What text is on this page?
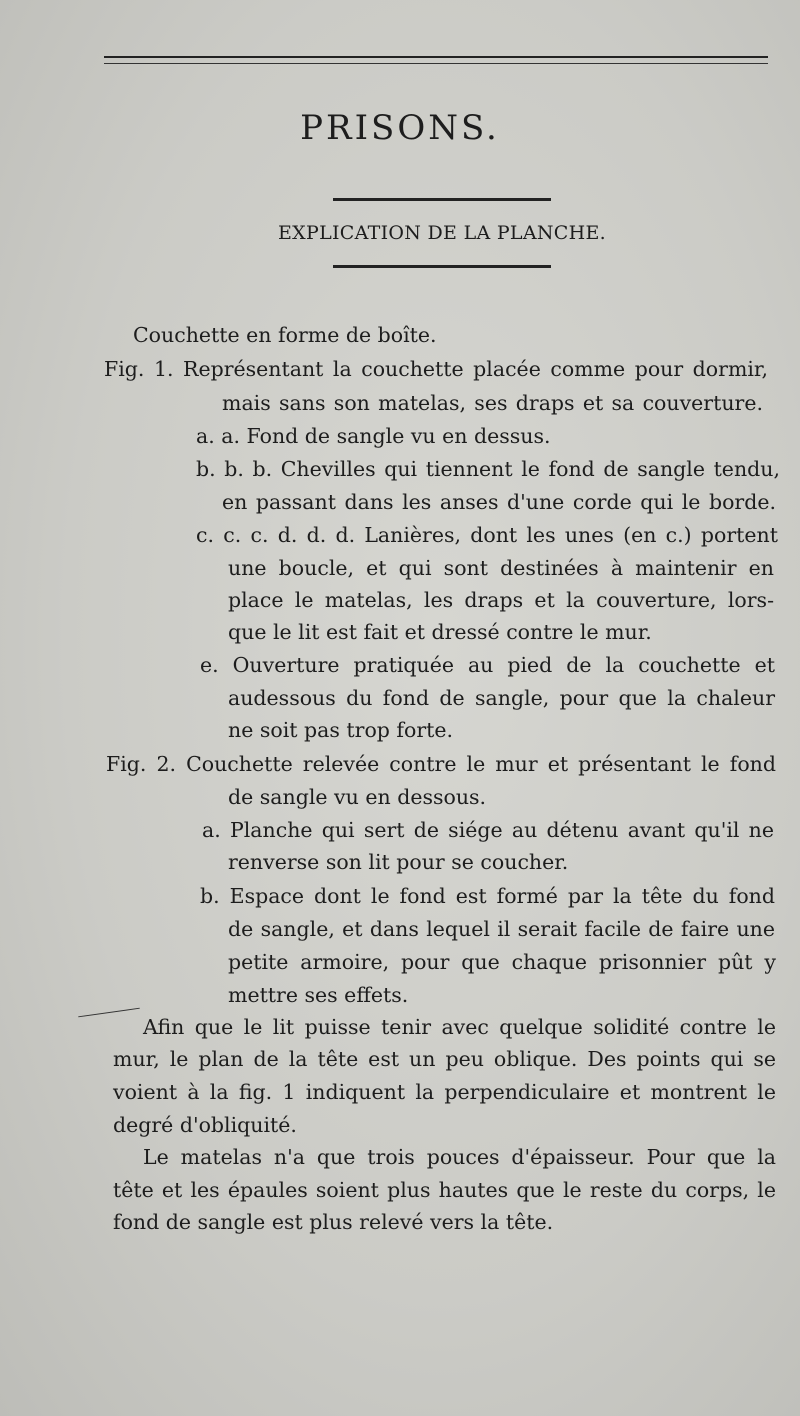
PRISONS.
EXPLICATION DE LA PLANCHE.
Couchette en forme de boîte.
Fig. 1. Représentant la couchette placée comme pour dormir,
mais sans son matelas, ses draps et sa couverture.
a. a. Fond de sangle vu en dessus.
b. b. b. Chevilles qui tiennent le fond de sangle tendu,
en passant dans les anses d'une corde qui le borde.
c. c. c. d. d. d. Lanières, dont les unes (en c.) portent
une boucle, et qui sont destinées à maintenir en
place le matelas, les draps et la couverture, lors-
que le lit est fait et dressé contre le mur.
e. Ouverture pratiquée au pied de la couchette et
audessous du fond de sangle, pour que la chaleur
ne soit pas trop forte.
Fig. 2. Couchette relevée contre le mur et présentant le fond
de sangle vu en dessous.
a. Planche qui sert de siége au détenu avant qu'il ne
renverse son lit pour se coucher.
b. Espace dont le fond est formé par la tête du fond
de sangle, et dans lequel il serait facile de faire une
petite armoire, pour que chaque prisonnier pût y
mettre ses effets.
Afin que le lit puisse tenir avec quelque solidité contre le
mur, le plan de la tête est un peu oblique. Des points qui se
voient à la fig. 1 indiquent la perpendiculaire et montrent le
degré d'obliquité.
Le matelas n'a que trois pouces d'épaisseur. Pour que la
tête et les épaules soient plus hautes que le reste du corps, le
fond de sangle est plus relevé vers la tête.
